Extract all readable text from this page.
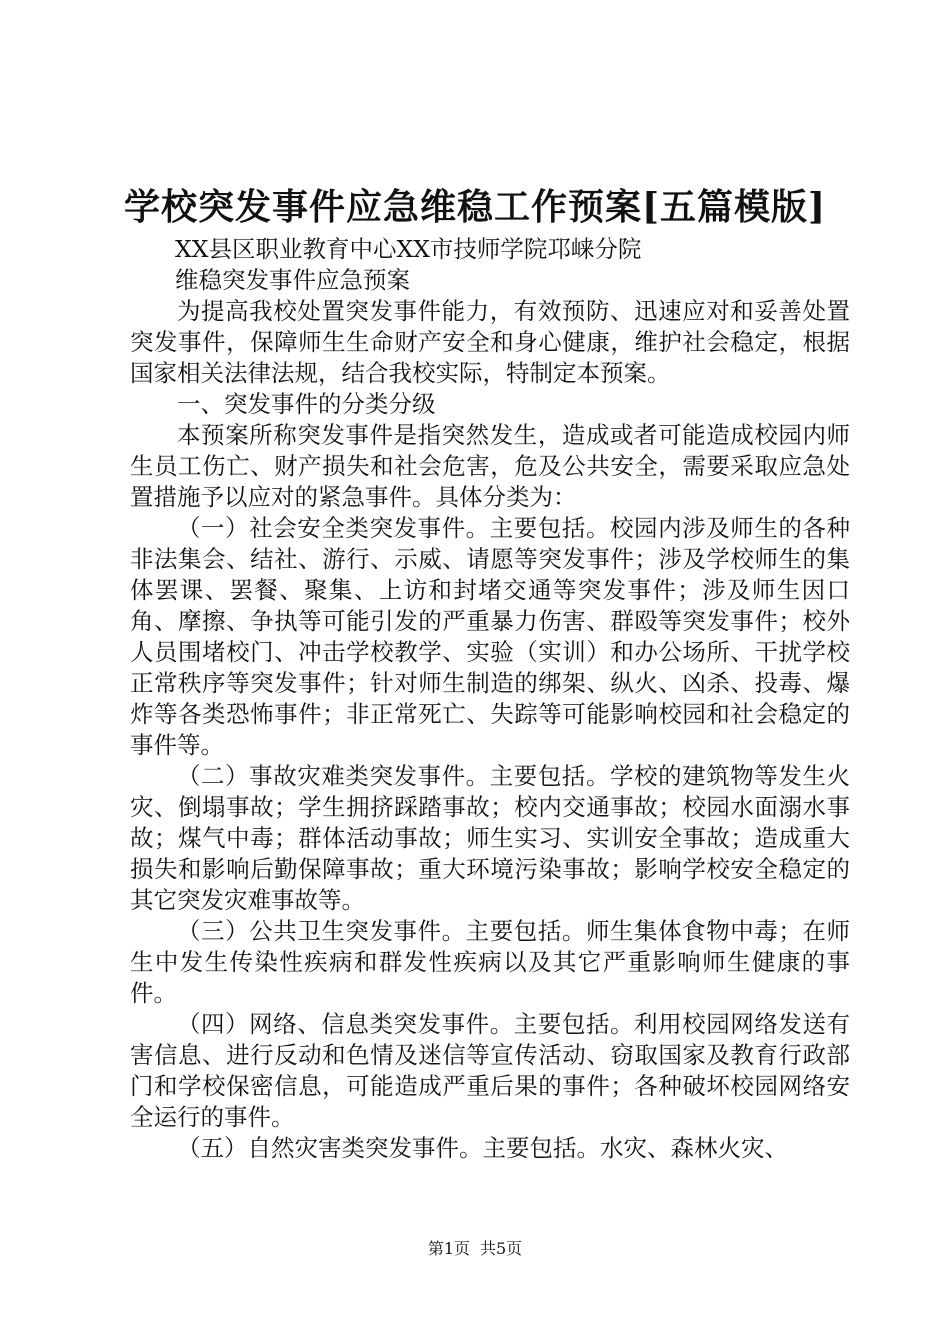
学校突发事件应急维稳工作预案[五篇模版]

XX县区职业教育中心XX市技师学院邛崃分院

维稳突发事件应急预案

为提高我校处置突发事件能力，有效预防、迅速应对和妥善处置突发事件，保障师生生命财产安全和身心健康，维护社会稳定，根据国家相关法律法规，结合我校实际，特制定本预案。

一、突发事件的分类分级

本预案所称突发事件是指突然发生，造成或者可能造成校园内师生员工伤亡、财产损失和社会危害，危及公共安全，需要采取应急处置措施予以应对的紧急事件。具体分类为：

（一）社会安全类突发事件。主要包括。校园内涉及师生的各种非法集会、结社、游行、示威、请愿等突发事件；涉及学校师生的集体罢课、罢餐、聚集、上访和封堵交通等突发事件；涉及师生因口角、摩擦、争执等可能引发的严重暴力伤害、群殴等突发事件；校外人员围堵校门、冲击学校教学、实验（实训）和办公场所、干扰学校正常秩序等突发事件；针对师生制造的绑架、纵火、凶杀、投毒、爆炸等各类恐怖事件；非正常死亡、失踪等可能影响校园和社会稳定的事件等。

（二）事故灾难类突发事件。主要包括。学校的建筑物等发生火灾、倒塌事故；学生拥挤踩踏事故；校内交通事故；校园水面溺水事故；煤气中毒；群体活动事故；师生实习、实训安全事故；造成重大损失和影响后勤保障事故；重大环境污染事故；影响学校安全稳定的其它突发灾难事故等。

（三）公共卫生突发事件。主要包括。师生集体食物中毒；在师生中发生传染性疾病和群发性疾病以及其它严重影响师生健康的事件。

（四）网络、信息类突发事件。主要包括。利用校园网络发送有害信息、进行反动和色情及迷信等宣传活动、窃取国家及教育行政部门和学校保密信息，可能造成严重后果的事件；各种破坏校园网络安全运行的事件。

（五）自然灾害类突发事件。主要包括。水灾、森林火灾、

第1页 共5页
